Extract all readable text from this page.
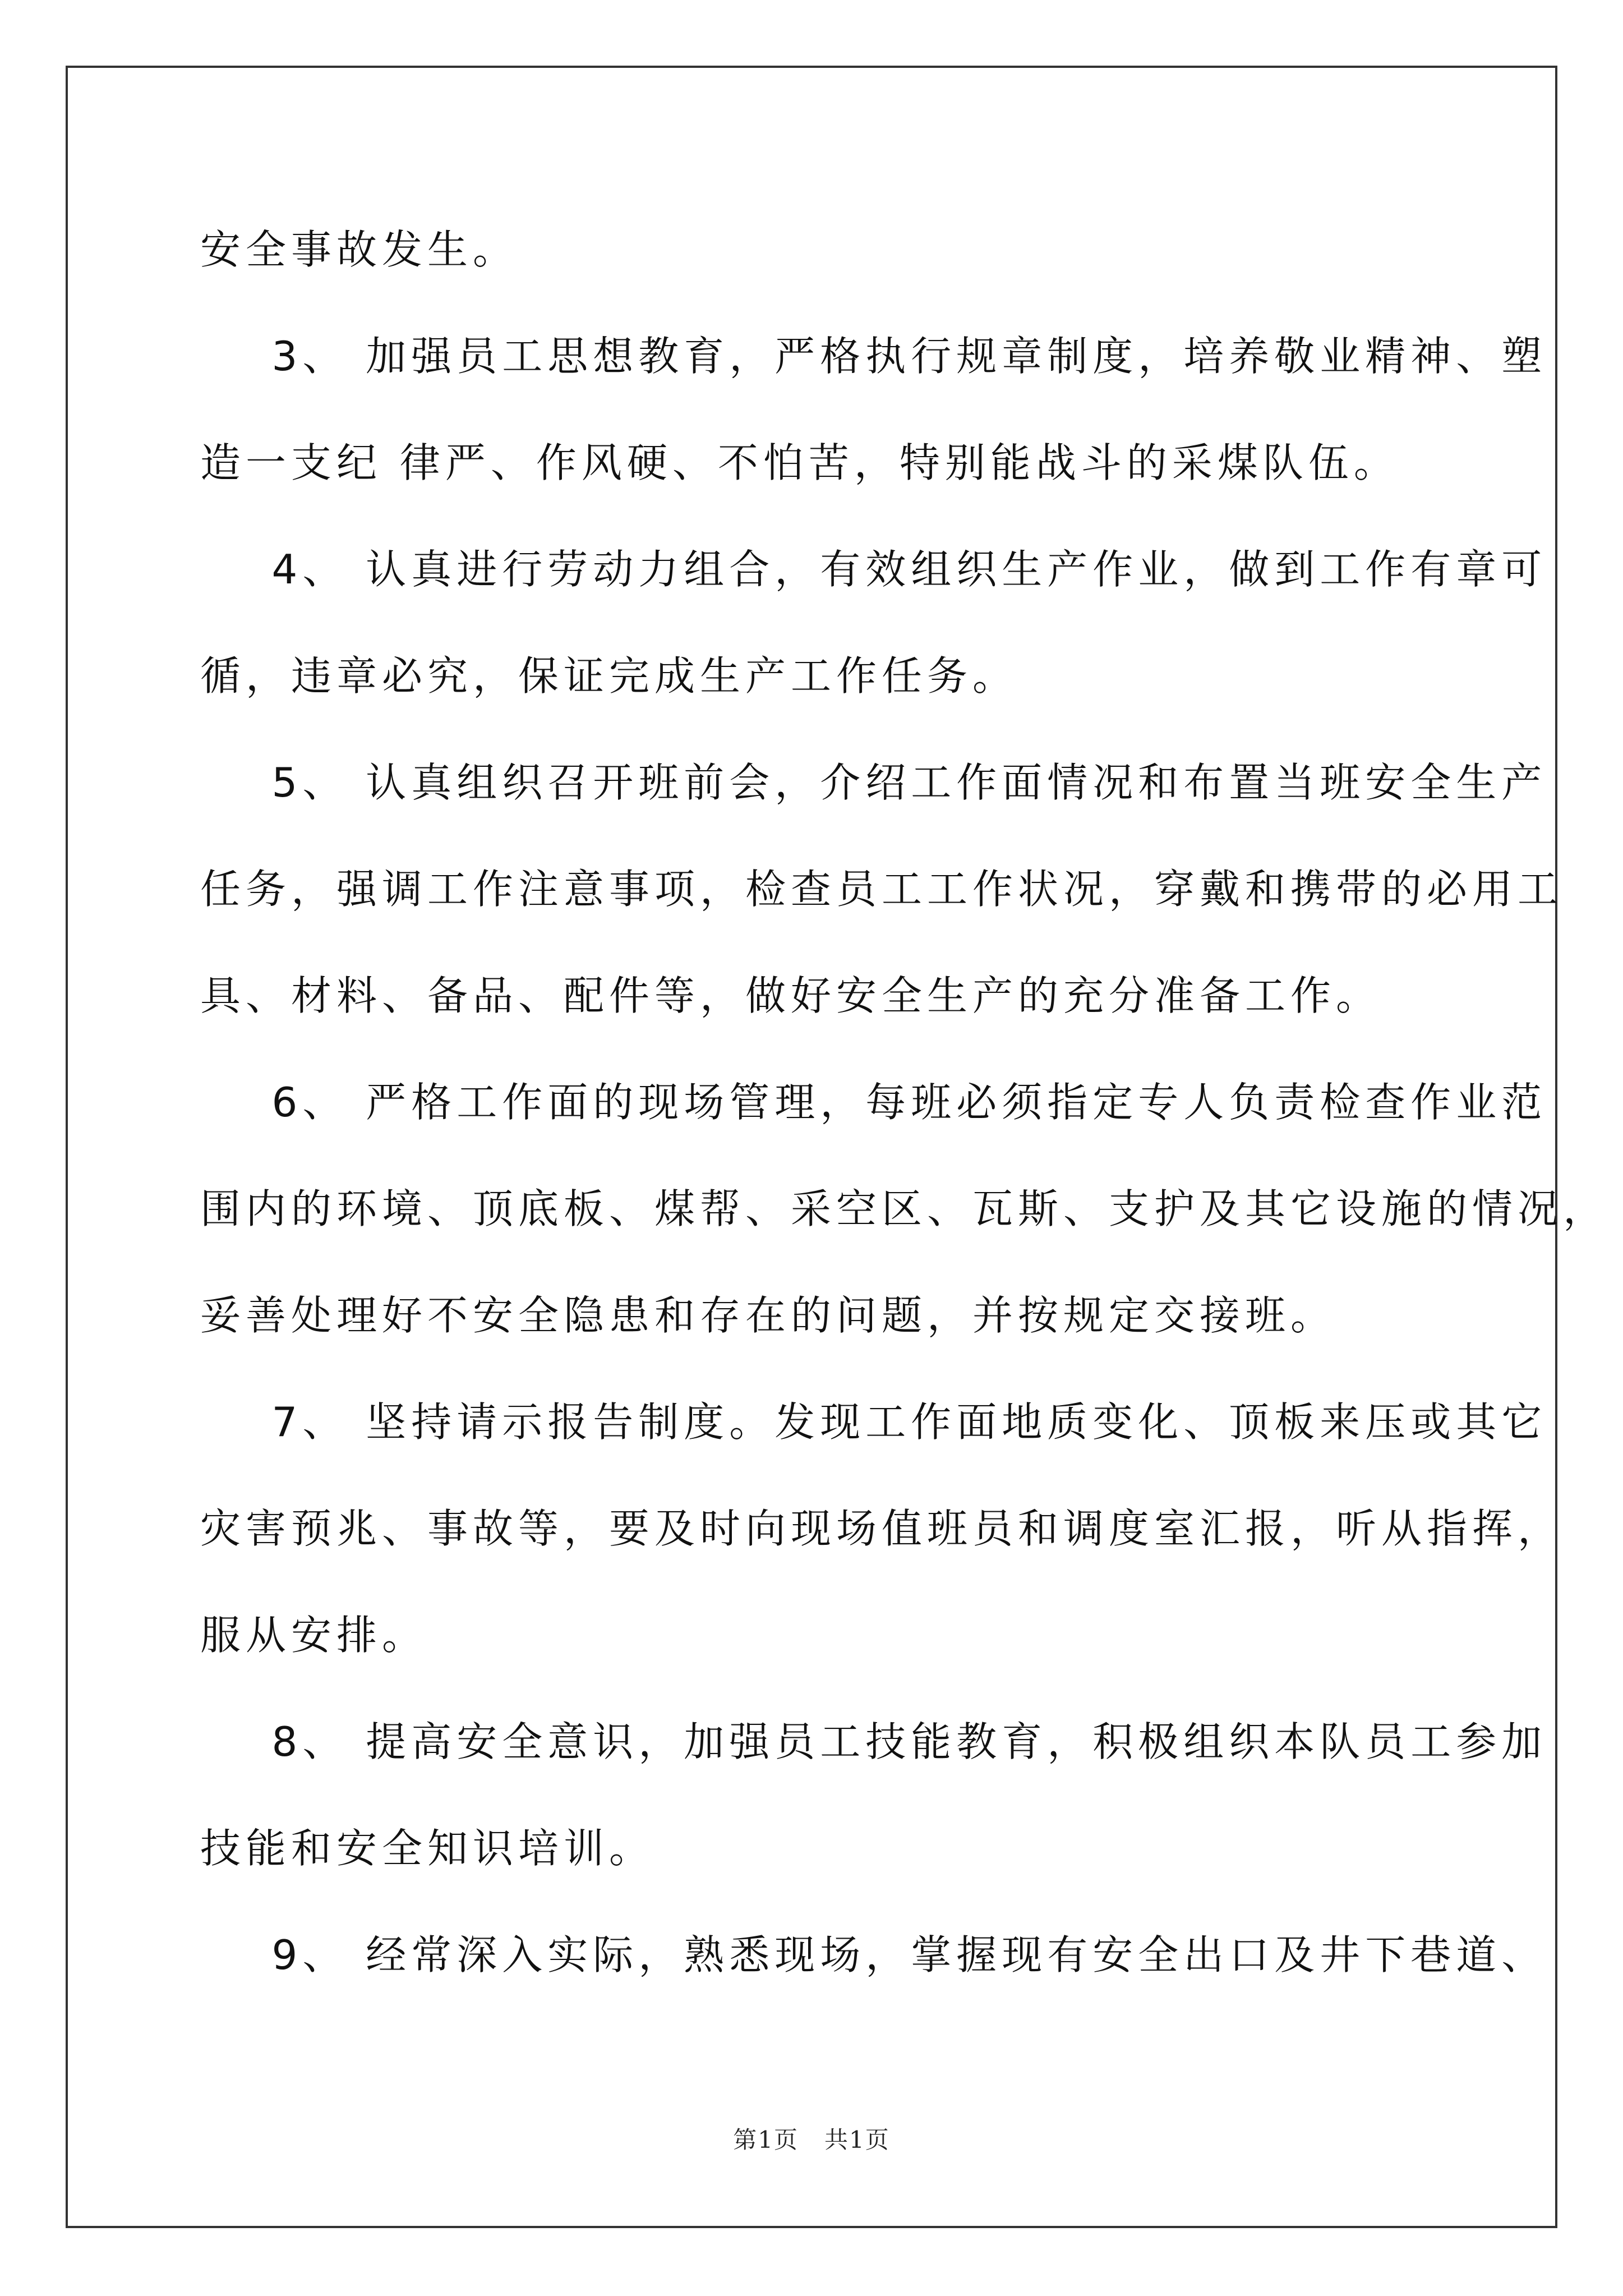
安全事故发生。
3、 加强员工思想教育，严格执行规章制度，培养敬业精神、塑
造一支纪 律严、作风硬、不怕苦，特别能战斗的采煤队伍。
4、 认真进行劳动力组合，有效组织生产作业，做到工作有章可
循，违章必究，保证完成生产工作任务。
5、 认真组织召开班前会，介绍工作面情况和布置当班安全生产
任务，强调工作注意事项，检查员工工作状况，穿戴和携带的必用工
具、材料、备品、配件等，做好安全生产的充分准备工作。
6、 严格工作面的现场管理，每班必须指定专人负责检查作业范
围内的环境、顶底板、煤帮、采空区、瓦斯、支护及其它设施的情况，
妥善处理好不安全隐患和存在的问题，并按规定交接班。
7、 坚持请示报告制度。发现工作面地质变化、顶板来压或其它
灾害预兆、事故等，要及时向现场值班员和调度室汇报，听从指挥，
服从安排。
8、 提高安全意识，加强员工技能教育，积极组织本队员工参加
技能和安全知识培训。
9、 经常深入实际，熟悉现场，掌握现有安全出口及井下巷道、
第1页   共1页
